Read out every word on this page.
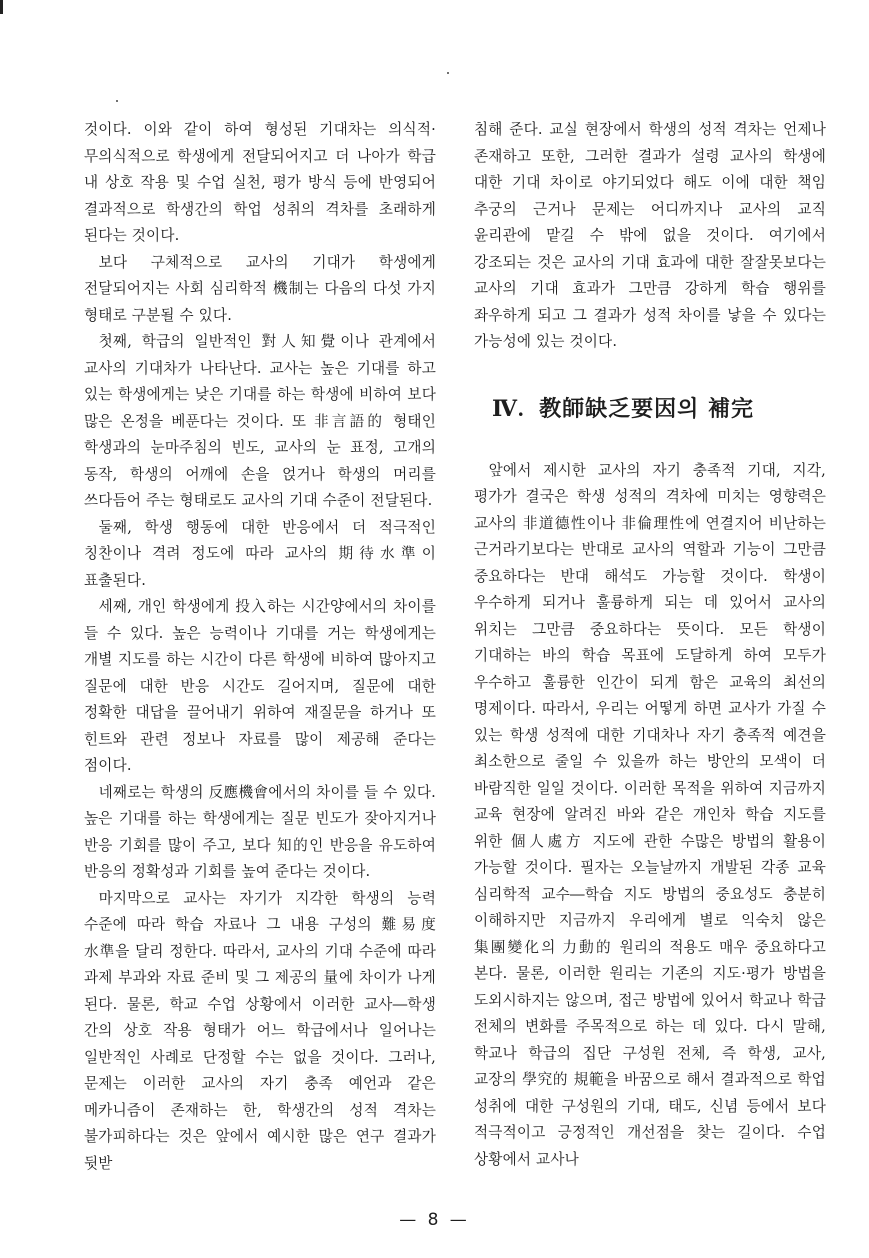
것이다. 이와 같이 하여 형성된 기대차는 의식적·무의식적으로 학생에게 전달되어지고 더 나아가 학급 내 상호 작용 및 수업 실천, 평가 방식 등에 반영되어 결과적으로 학생간의 학업 성취의 격차를 초래하게 된다는 것이다.

보다 구체적으로 교사의 기대가 학생에게 전달되어지는 사회 심리학적 機制는 다음의 다섯 가지 형태로 구분될 수 있다.

첫째, 학급의 일반적인 對人知覺이나 관계에서 교사의 기대차가 나타난다. 교사는 높은 기대를 하고 있는 학생에게는 낮은 기대를 하는 학생에 비하여 보다 많은 온정을 베푼다는 것이다. 또 非言語的 형태인 학생과의 눈마주침의 빈도, 교사의 눈 표정, 고개의 동작, 학생의 어깨에 손을 얹거나 학생의 머리를 쓰다듬어 주는 형태로도 교사의 기대 수준이 전달된다.

둘째, 학생 행동에 대한 반응에서 더 적극적인 칭찬이나 격려 정도에 따라 교사의 期待水準이 표출된다.

세째, 개인 학생에게 投入하는 시간양에서의 차이를 들 수 있다. 높은 능력이나 기대를 거는 학생에게는 개별 지도를 하는 시간이 다른 학생에 비하여 많아지고 질문에 대한 반응 시간도 길어지며, 질문에 대한 정확한 대답을 끌어내기 위하여 재질문을 하거나 또 힌트와 관련 정보나 자료를 많이 제공해 준다는 점이다.

네째로는 학생의 反應機會에서의 차이를 들 수 있다. 높은 기대를 하는 학생에게는 질문 빈도가 잦아지거나 반응 기회를 많이 주고, 보다 知的인 반응을 유도하여 반응의 정확성과 기회를 높여 준다는 것이다.

마지막으로 교사는 자기가 지각한 학생의 능력 수준에 따라 학습 자료나 그 내용 구성의 難易度 水準을 달리 정한다. 따라서, 교사의 기대 수준에 따라 과제 부과와 자료 준비 및 그 제공의 量에 차이가 나게 된다. 물론, 학교 수업 상황에서 이러한 교사―학생 간의 상호 작용 형태가 어느 학급에서나 일어나는 일반적인 사례로 단정할 수는 없을 것이다. 그러나, 문제는 이러한 교사의 자기 충족 예언과 같은 메카니즘이 존재하는 한, 학생간의 성적 격차는 불가피하다는 것은 앞에서 예시한 많은 연구 결과가 뒷받

침해 준다. 교실 현장에서 학생의 성적 격차는 언제나 존재하고 또한, 그러한 결과가 설령 교사의 학생에 대한 기대 차이로 야기되었다 해도 이에 대한 책임 추궁의 근거나 문제는 어디까지나 교사의 교직 윤리관에 맡길 수 밖에 없을 것이다. 여기에서 강조되는 것은 교사의 기대 효과에 대한 잘잘못보다는 교사의 기대 효과가 그만큼 강하게 학습 행위를 좌우하게 되고 그 결과가 성적 차이를 낳을 수 있다는 가능성에 있는 것이다.

Ⅳ. 教師缺乏要因의 補完

앞에서 제시한 교사의 자기 충족적 기대, 지각, 평가가 결국은 학생 성적의 격차에 미치는 영향력은 교사의 非道德性이나 非倫理性에 연결지어 비난하는 근거라기보다는 반대로 교사의 역할과 기능이 그만큼 중요하다는 반대 해석도 가능할 것이다. 학생이 우수하게 되거나 훌륭하게 되는 데 있어서 교사의 위치는 그만큼 중요하다는 뜻이다. 모든 학생이 기대하는 바의 학습 목표에 도달하게 하여 모두가 우수하고 훌륭한 인간이 되게 함은 교육의 최선의 명제이다. 따라서, 우리는 어떻게 하면 교사가 가질 수 있는 학생 성적에 대한 기대차나 자기 충족적 예견을 최소한으로 줄일 수 있을까 하는 방안의 모색이 더 바람직한 일일 것이다. 이러한 목적을 위하여 지금까지 교육 현장에 알려진 바와 같은 개인차 학습 지도를 위한 個人處方 지도에 관한 수많은 방법의 활용이 가능할 것이다. 필자는 오늘날까지 개발된 각종 교육 심리학적 교수―학습 지도 방법의 중요성도 충분히 이해하지만 지금까지 우리에게 별로 익숙치 않은 集團變化의 力動的 원리의 적용도 매우 중요하다고 본다. 물론, 이러한 원리는 기존의 지도·평가 방법을 도외시하지는 않으며, 접근 방법에 있어서 학교나 학급 전체의 변화를 주목적으로 하는 데 있다. 다시 말해, 학교나 학급의 집단 구성원 전체, 즉 학생, 교사, 교장의 學究的 規範을 바꿈으로 해서 결과적으로 학업 성취에 대한 구성원의 기대, 태도, 신념 등에서 보다 적극적이고 긍정적인 개선점을 찾는 길이다. 수업 상황에서 교사나

— 8 —
